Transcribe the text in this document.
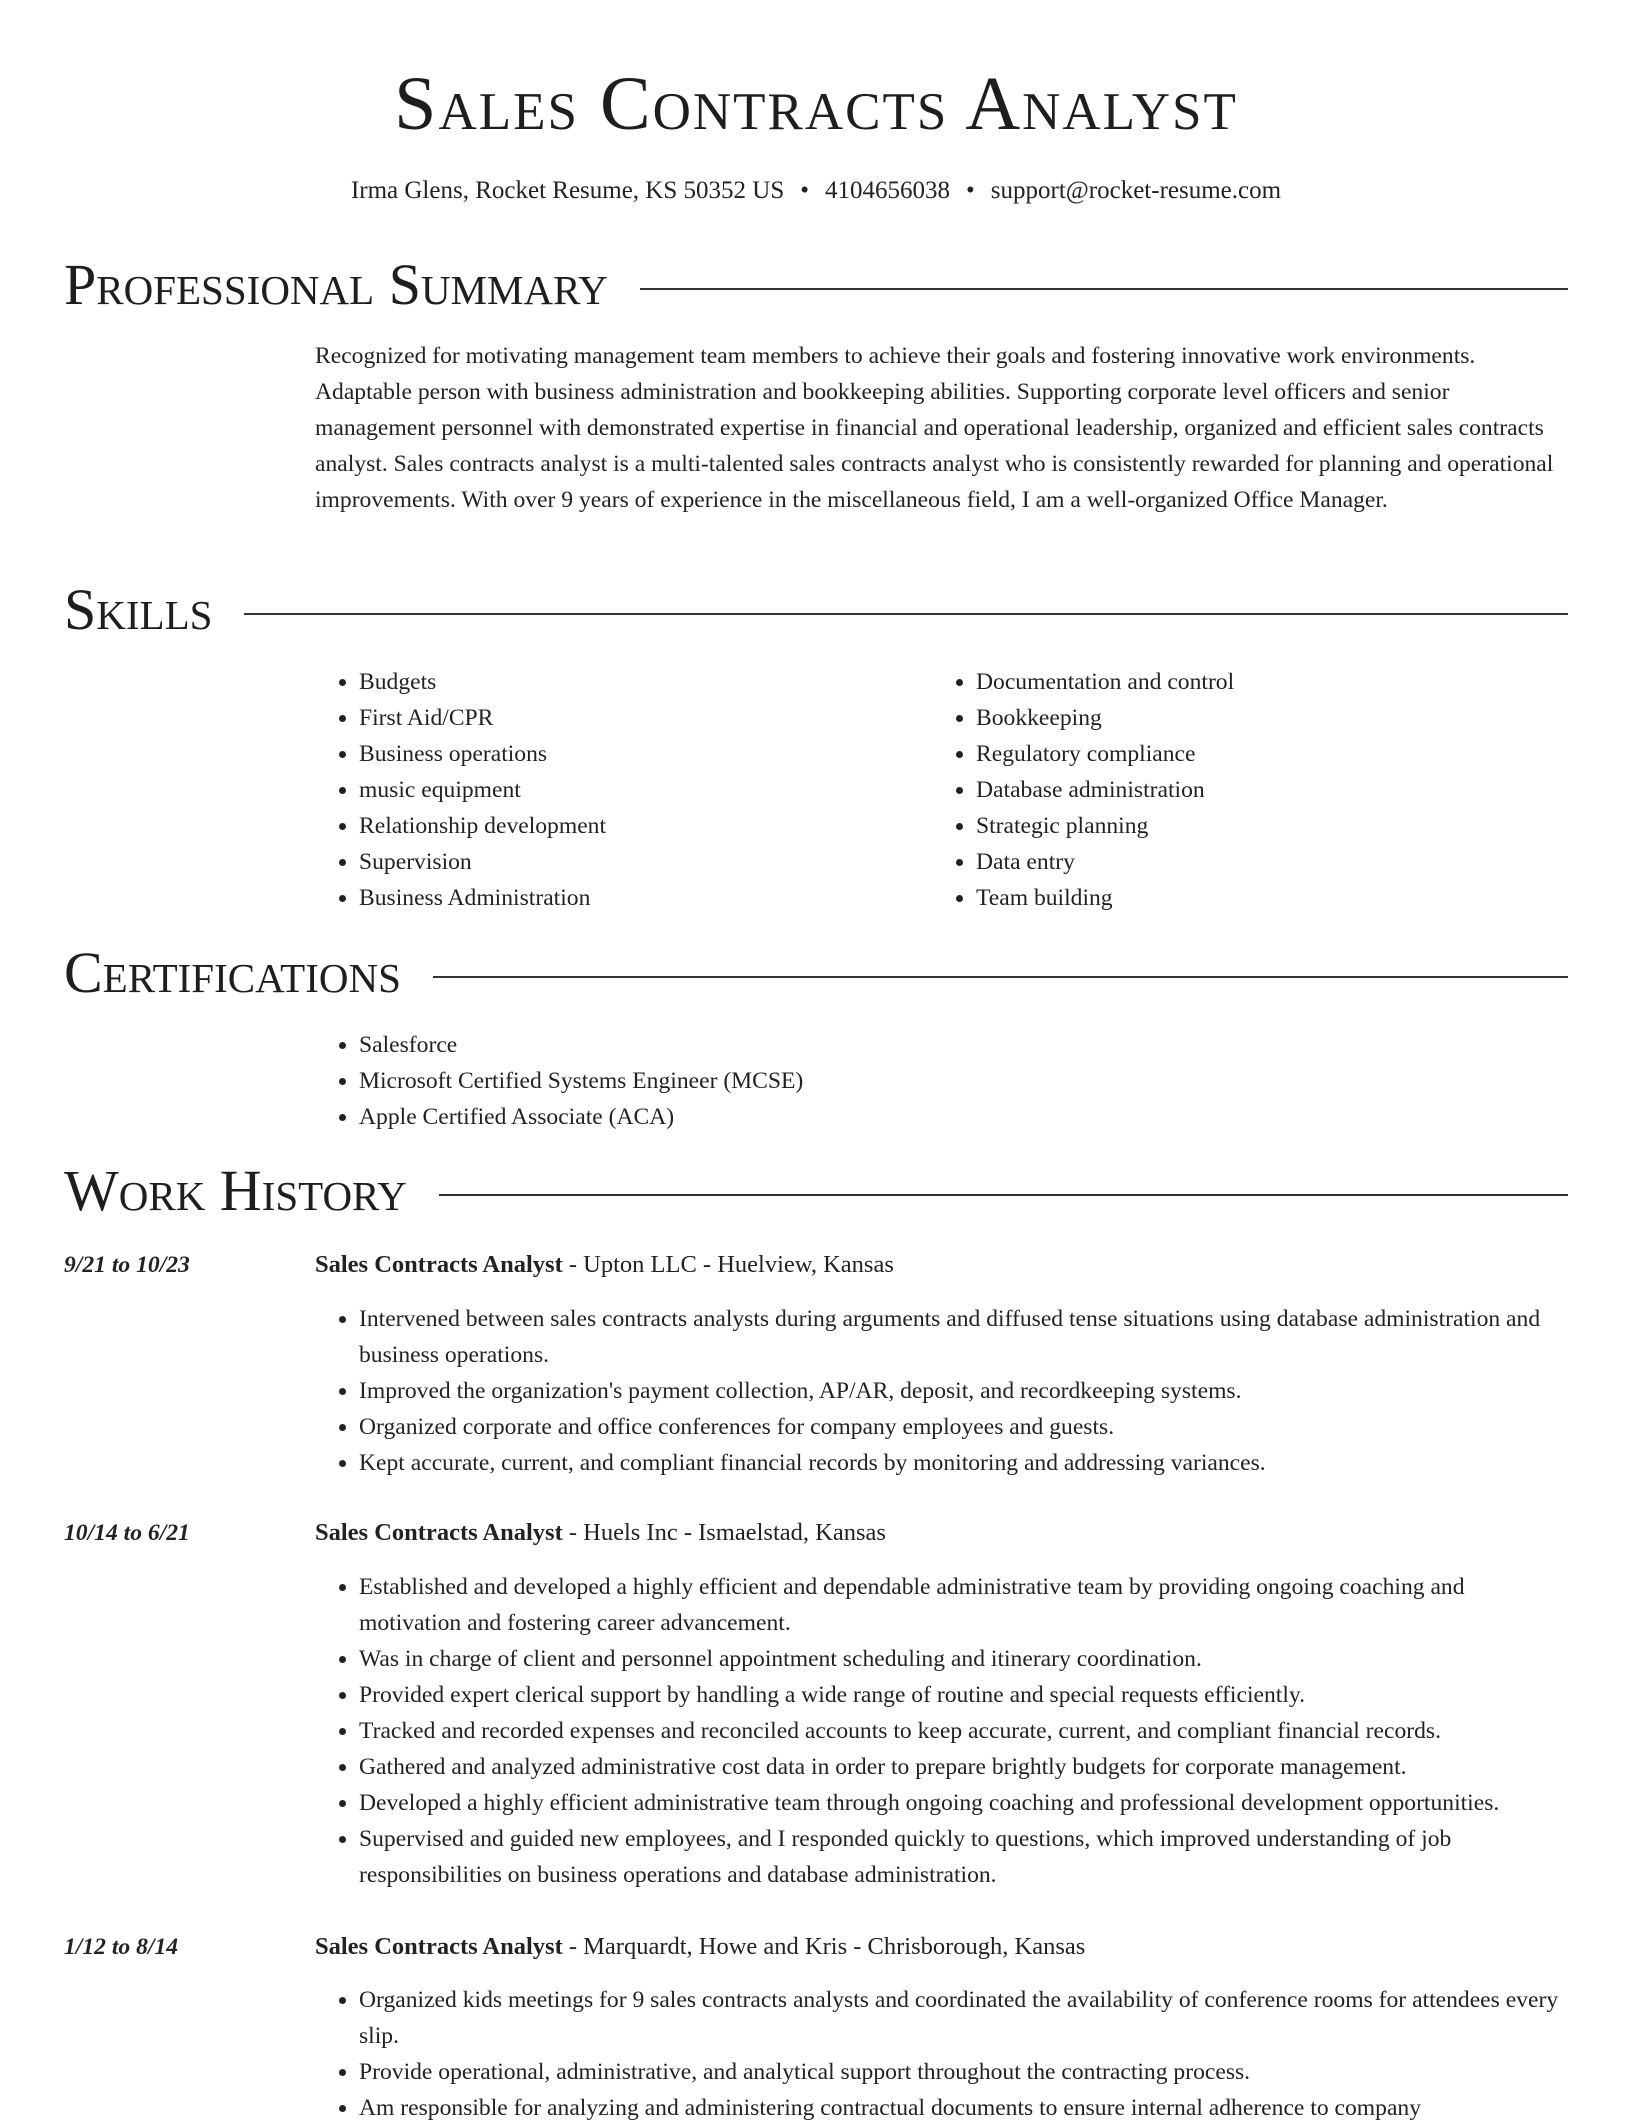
Sales Contracts Analyst
Irma Glens, Rocket Resume, KS 50352 US • 4104656038 • support@rocket-resume.com
Professional Summary

Recognized for motivating management team members to achieve their goals and fostering innovative work environments. Adaptable person with business administration and bookkeeping abilities. Supporting corporate level officers and senior management personnel with demonstrated expertise in financial and operational leadership, organized and efficient sales contracts analyst. Sales contracts analyst is a multi-talented sales contracts analyst who is consistently rewarded for planning and operational improvements. With over 9 years of experience in the miscellaneous field, I am a well-organized Office Manager.

Skills
• Budgets
• First Aid/CPR
• Business operations
• music equipment
• Relationship development
• Supervision
• Business Administration
• Documentation and control
• Bookkeeping
• Regulatory compliance
• Database administration
• Strategic planning
• Data entry
• Team building
Certifications
• Salesforce
• Microsoft Certified Systems Engineer (MCSE)
• Apple Certified Associate (ACA)
Work History
9/21 to 10/23	Sales Contracts Analyst - Upton LLC - Huelview, Kansas
• Intervened between sales contracts analysts during arguments and diffused tense situations using database administration and business operations.
• Improved the organization's payment collection, AP/AR, deposit, and recordkeeping systems.
• Organized corporate and office conferences for company employees and guests.
• Kept accurate, current, and compliant financial records by monitoring and addressing variances.
10/14 to 6/21	Sales Contracts Analyst - Huels Inc - Ismaelstad, Kansas
• Established and developed a highly efficient and dependable administrative team by providing ongoing coaching and motivation and fostering career advancement.
• Was in charge of client and personnel appointment scheduling and itinerary coordination.
• Provided expert clerical support by handling a wide range of routine and special requests efficiently.
• Tracked and recorded expenses and reconciled accounts to keep accurate, current, and compliant financial records.
• Gathered and analyzed administrative cost data in order to prepare brightly budgets for corporate management.
• Developed a highly efficient administrative team through ongoing coaching and professional development opportunities.
• Supervised and guided new employees, and I responded quickly to questions, which improved understanding of job responsibilities on business operations and database administration.
1/12 to 8/14	Sales Contracts Analyst - Marquardt, Howe and Kris - Chrisborough, Kansas
• Organized kids meetings for 9 sales contracts analysts and coordinated the availability of conference rooms for attendees every slip.
• Provide operational, administrative, and analytical support throughout the contracting process.
• Am responsible for analyzing and administering contractual documents to ensure internal adherence to company
